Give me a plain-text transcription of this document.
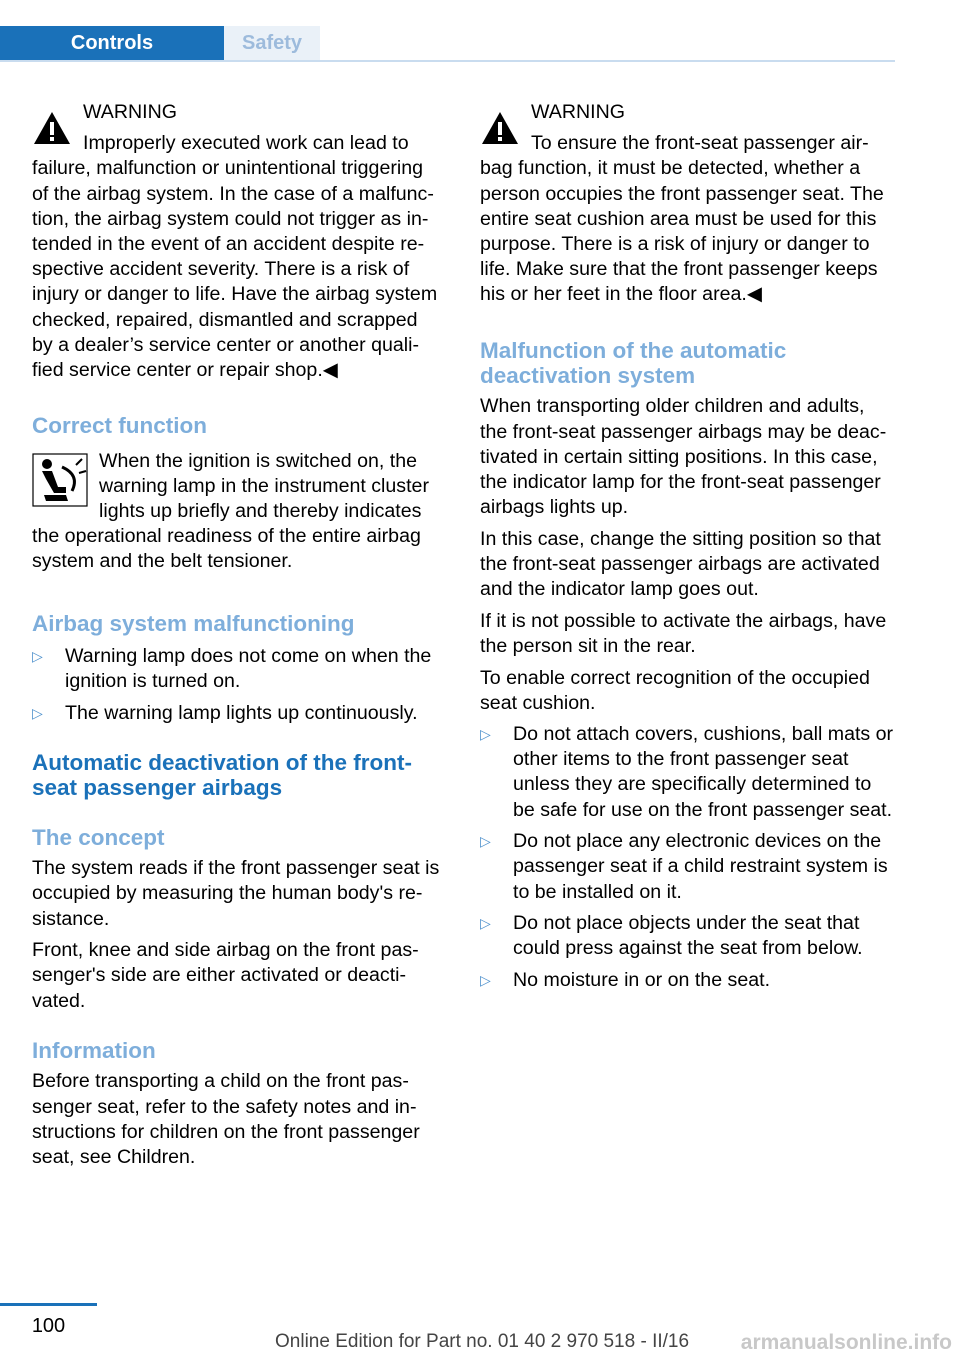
Controls	Safety

WARNING

Improperly executed work can lead to

failure, malfunction or unintentional triggering

of the airbag system. In the case of a malfunc‐

tion, the airbag system could not trigger as in‐

tended in the event of an accident despite re‐

spective accident severity. There is a risk of

injury or danger to life. Have the airbag system

checked, repaired, dismantled and scrapped

by a dealer’s service center or another quali‐

fied service center or repair shop.◀

Correct function

When the ignition is switched on, the

warning lamp in the instrument cluster

lights up briefly and thereby indicates

the operational readiness of the entire airbag

system and the belt tensioner.

Airbag system malfunctioning
▷ Warning lamp does not come on when the ignition is turned on.
▷ The warning lamp lights up continuously.
Automatic deactivation of the front‐seat passenger airbags
The concept

The system reads if the front passenger seat is occupied by measuring the human body's re‐sistance.

Front, knee and side airbag on the front pas‐senger's side are either activated or deacti‐vated.

Information

Before transporting a child on the front pas‐senger seat, refer to the safety notes and in‐structions for children on the front passenger seat, see Children.

WARNING

To ensure the front-seat passenger air‐

bag function, it must be detected, whether a person occupies the front passenger seat. The entire seat cushion area must be used for this purpose. There is a risk of injury or danger to life. Make sure that the front passenger keeps his or her feet in the floor area.◀

Malfunction of the automatic deactivation system

When transporting older children and adults, the front-seat passenger airbags may be deac‐tivated in certain sitting positions. In this case, the indicator lamp for the front-seat passenger airbags lights up.

In this case, change the sitting position so that the front-seat passenger airbags are activated and the indicator lamp goes out.

If it is not possible to activate the airbags, have the person sit in the rear.

To enable correct recognition of the occupied seat cushion.

▷ Do not attach covers, cushions, ball mats or other items to the front passenger seat unless they are specifically determined to be safe for use on the front passenger seat.
▷ Do not place any electronic devices on the passenger seat if a child restraint system is to be installed on it.
▷ Do not place objects under the seat that could press against the seat from below.
▷ No moisture in or on the seat.
100
Online Edition for Part no. 01 40 2 970 518 - II/16 armanualsonline.info
